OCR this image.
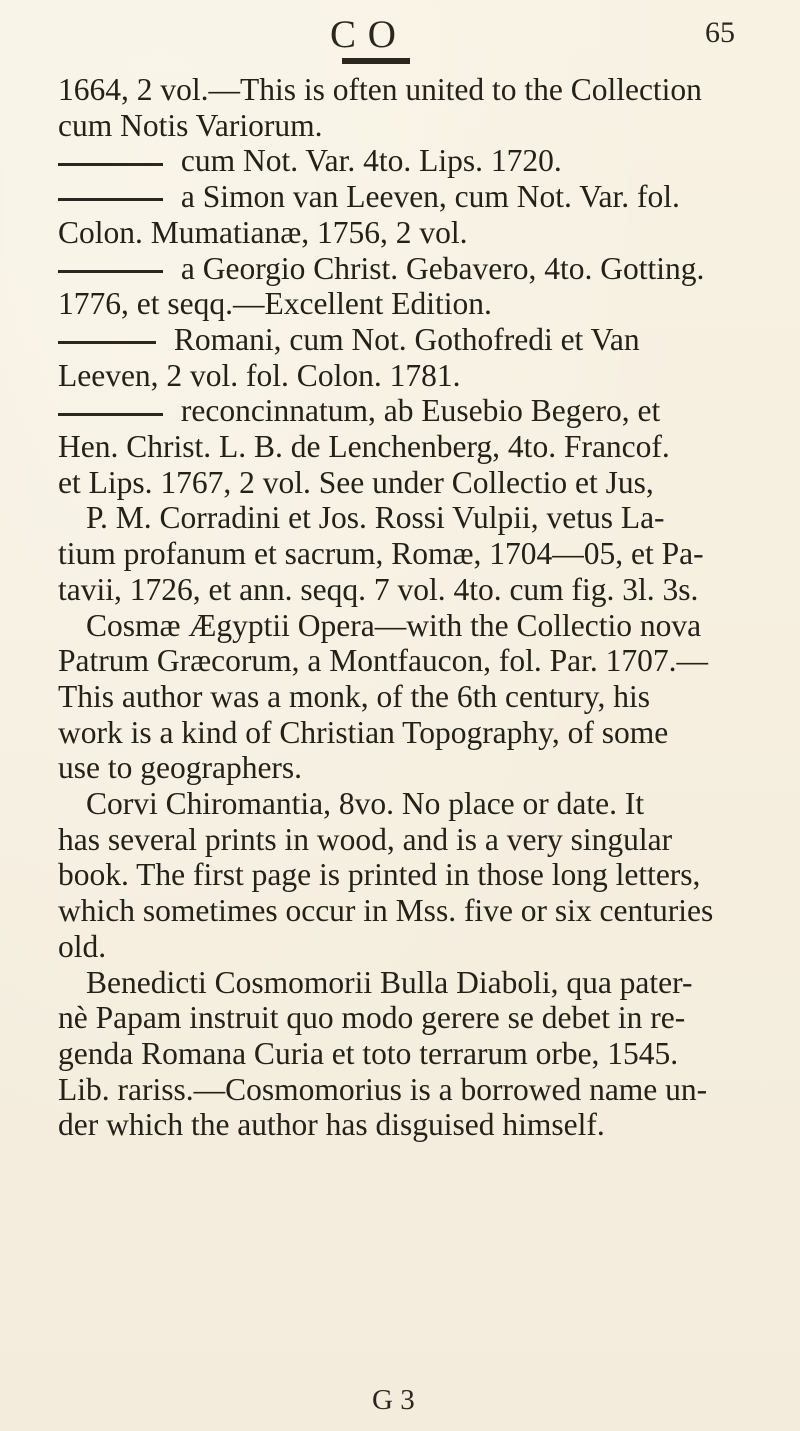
C O	65
1664, 2 vol.—This is often united to the Collection
cum Notis Variorum.
cum Not. Var. 4to. Lips. 1720.
a Simon van Leeven, cum Not. Var. fol.
Colon. Mumatianæ, 1756, 2 vol.
a Georgio Christ. Gebavero, 4to. Gotting.
1776, et seqq.—Excellent Edition.
Romani, cum Not. Gothofredi et Van
Leeven, 2 vol. fol. Colon. 1781.
reconcinnatum, ab Eusebio Begero, et
Hen. Christ. L. B. de Lenchenberg, 4to. Francof.
et Lips. 1767, 2 vol. See under Collectio et Jus,
P. M. Corradini et Jos. Rossi Vulpii, vetus La-
tium profanum et sacrum, Romæ, 1704—05, et Pa-
tavii, 1726, et ann. seqq. 7 vol. 4to. cum fig. 3l. 3s.
Cosmæ Ægyptii Opera—with the Collectio nova
Patrum Græcorum, a Montfaucon, fol. Par. 1707.—
This author was a monk, of the 6th century, his
work is a kind of Christian Topography, of some
use to geographers.
Corvi Chiromantia, 8vo. No place or date. It
has several prints in wood, and is a very singular
book. The first page is printed in those long letters,
which sometimes occur in Mss. five or six centuries
old.
Benedicti Cosmomorii Bulla Diaboli, qua pater-
nè Papam instruit quo modo gerere se debet in re-
genda Romana Curia et toto terrarum orbe, 1545.
Lib. rariss.—Cosmomorius is a borrowed name un-
der which the author has disguised himself.
G 3
